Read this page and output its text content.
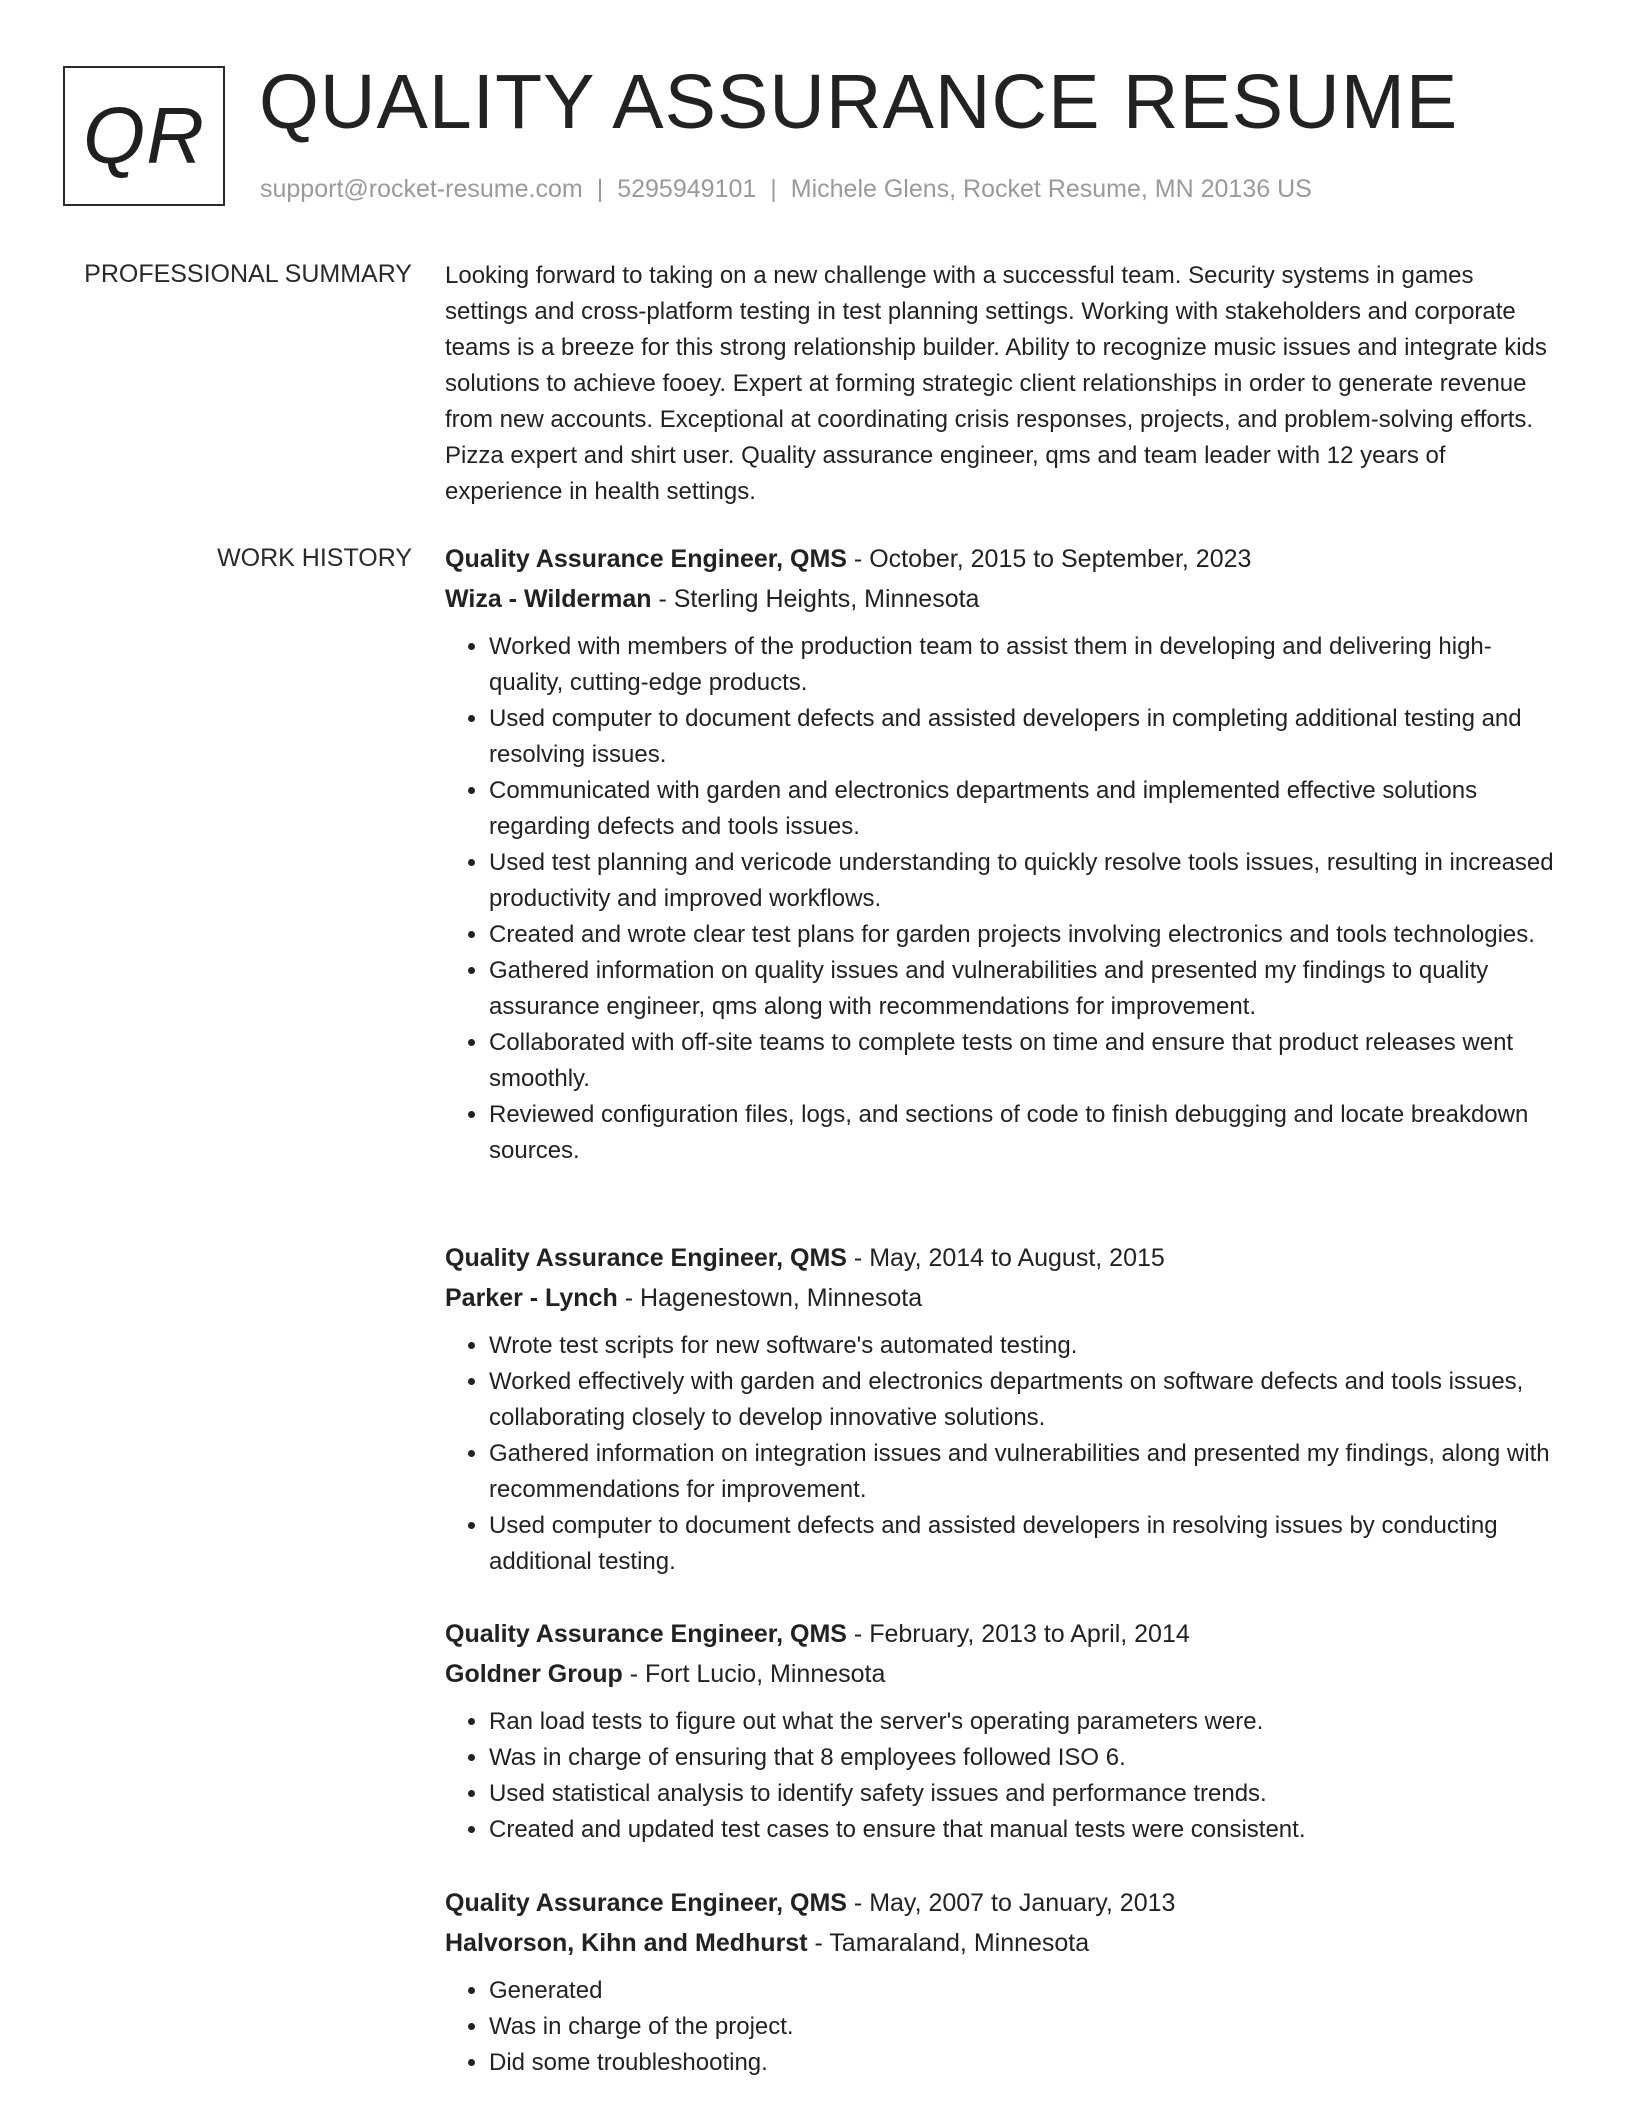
QR QUALITY ASSURANCE RESUME
support@rocket-resume.com | 5295949101 | Michele Glens, Rocket Resume, MN 20136 US
PROFESSIONAL SUMMARY Looking forward to taking on a new challenge with a successful team. Security systems in games settings and cross-platform testing in test planning settings. Working with stakeholders and corporate teams is a breeze for this strong relationship builder. Ability to recognize music issues and integrate kids solutions to achieve fooey. Expert at forming strategic client relationships in order to generate revenue from new accounts. Exceptional at coordinating crisis responses, projects, and problem-solving efforts. Pizza expert and shirt user. Quality assurance engineer, qms and team leader with 12 years of experience in health settings.

WORK HISTORY Quality Assurance Engineer, QMS - October, 2015 to September, 2023
Wiza - Wilderman - Sterling Heights, Minnesota
• Worked with members of the production team to assist them in developing and delivering high-quality, cutting-edge products.
• Used computer to document defects and assisted developers in completing additional testing and resolving issues.
• Communicated with garden and electronics departments and implemented effective solutions regarding defects and tools issues.
• Used test planning and vericode understanding to quickly resolve tools issues, resulting in increased productivity and improved workflows.
• Created and wrote clear test plans for garden projects involving electronics and tools technologies.
• Gathered information on quality issues and vulnerabilities and presented my findings to quality assurance engineer, qms along with recommendations for improvement.
• Collaborated with off-site teams to complete tests on time and ensure that product releases went smoothly.
• Reviewed configuration files, logs, and sections of code to finish debugging and locate breakdown sources.
Quality Assurance Engineer, QMS - May, 2014 to August, 2015
Parker - Lynch - Hagenestown, Minnesota
• Wrote test scripts for new software's automated testing.
• Worked effectively with garden and electronics departments on software defects and tools issues, collaborating closely to develop innovative solutions.
• Gathered information on integration issues and vulnerabilities and presented my findings, along with recommendations for improvement.
• Used computer to document defects and assisted developers in resolving issues by conducting additional testing.
Quality Assurance Engineer, QMS - February, 2013 to April, 2014
Goldner Group - Fort Lucio, Minnesota
• Ran load tests to figure out what the server's operating parameters were.
• Was in charge of ensuring that 8 employees followed ISO 6.
• Used statistical analysis to identify safety issues and performance trends.
• Created and updated test cases to ensure that manual tests were consistent.
Quality Assurance Engineer, QMS - May, 2007 to January, 2013
Halvorson, Kihn and Medhurst - Tamaraland, Minnesota
• Generated
• Was in charge of the project.
• Did some troubleshooting.
